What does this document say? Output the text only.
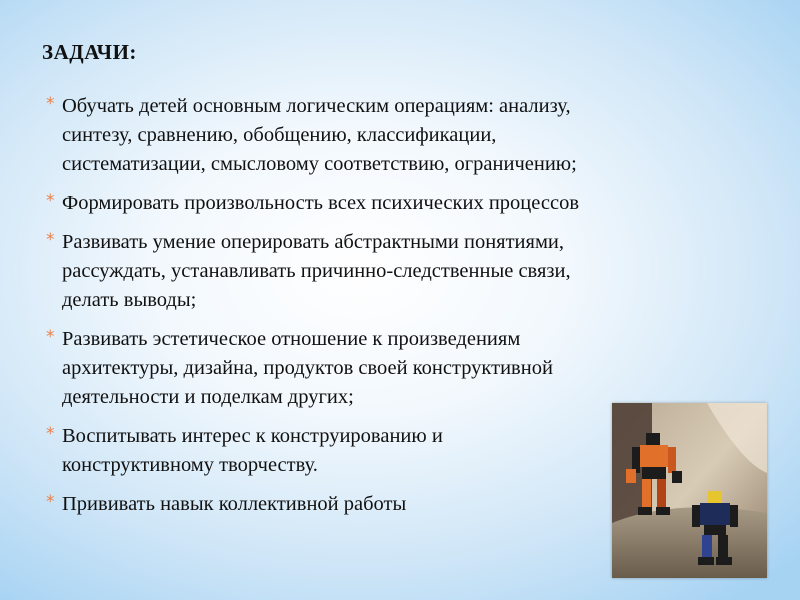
ЗАДАЧИ:
* Обучать детей основным логическим операциям: анализу,
синтезу, сравнению, обобщению, классификации,
систематизации, смысловому соответствию, ограничению;
* Формировать произвольность всех психических процессов
* Развивать умение оперировать абстрактными понятиями,
рассуждать, устанавливать причинно-следственные связи,
делать выводы;
* Развивать эстетическое отношение к произведениям
архитектуры, дизайна, продуктов своей конструктивной
деятельности и поделкам других;
* Воспитывать интерес к конструированию и
конструктивному творчеству.
* Прививать навык коллективной работы
